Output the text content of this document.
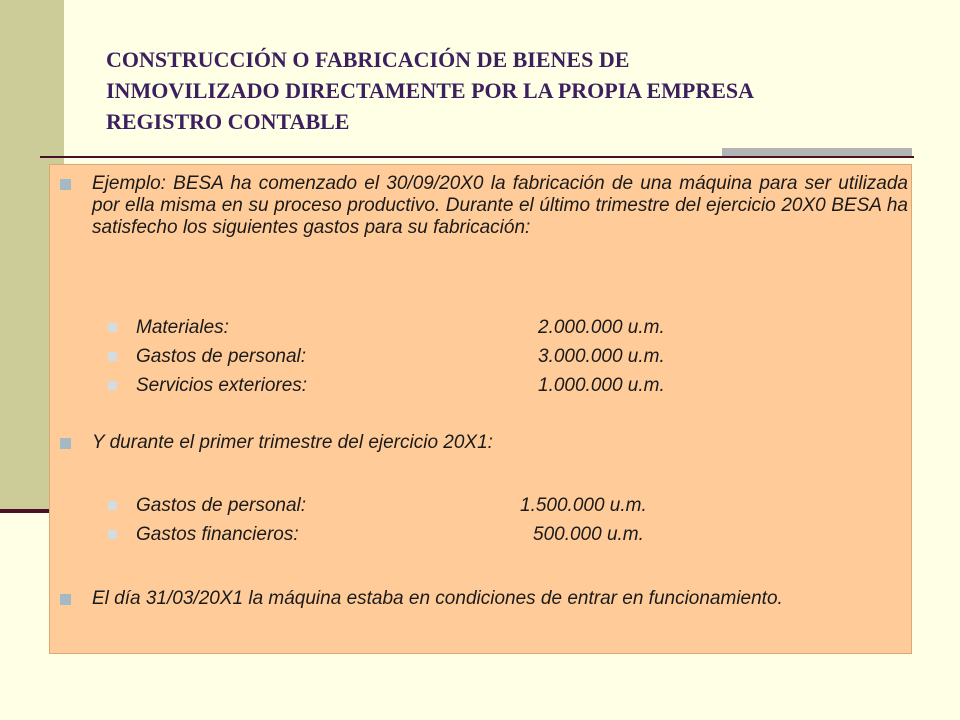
CONSTRUCCIÓN O FABRICACIÓN DE BIENES DE
INMOVILIZADO DIRECTAMENTE POR LA PROPIA EMPRESA
REGISTRO CONTABLE
Ejemplo: BESA ha comenzado el 30/09/20X0 la fabricación de una máquina para ser utilizada por ella misma en su proceso productivo. Durante el último trimestre del ejercicio 20X0 BESA ha satisfecho los siguientes gastos para su fabricación:
Materiales:	2.000.000 u.m.
Gastos de personal:	3.000.000 u.m.
Servicios exteriores:	1.000.000 u.m.
Y durante el primer trimestre del ejercicio 20X1:
Gastos de personal:	1.500.000 u.m.
Gastos financieros:	500.000 u.m.
El día 31/03/20X1 la máquina estaba en condiciones de entrar en funcionamiento.
